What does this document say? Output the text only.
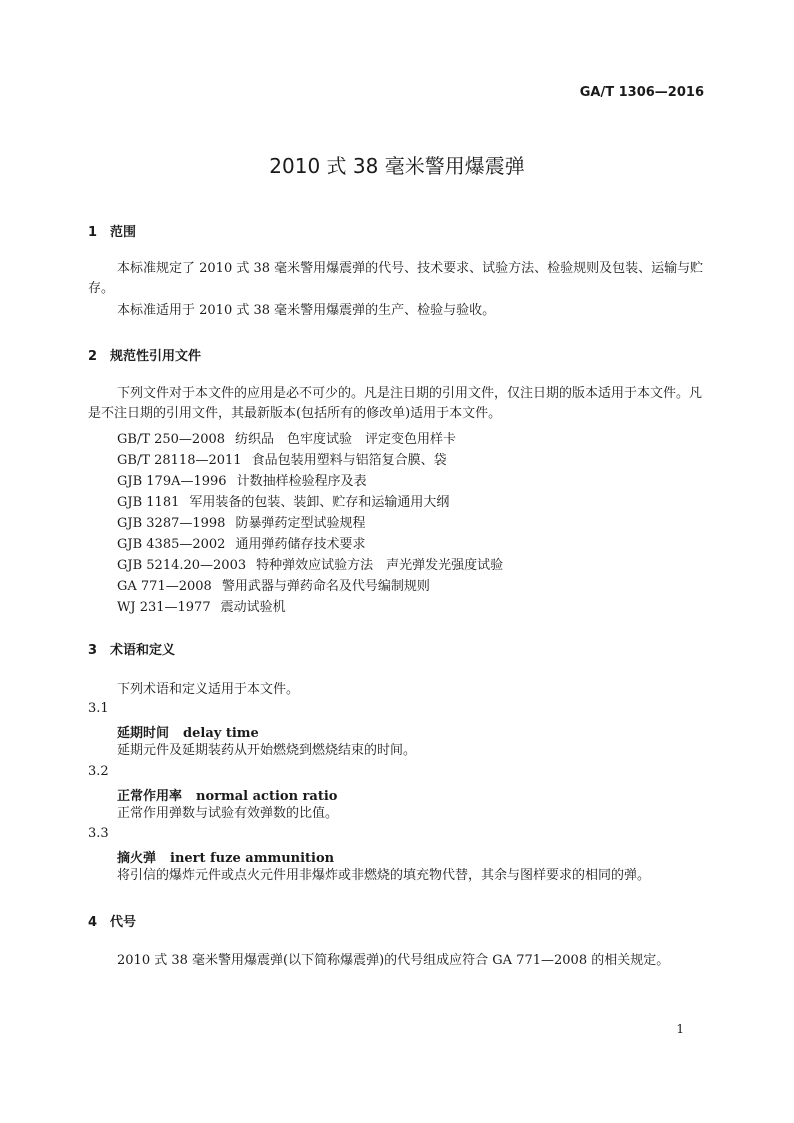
GA/T 1306—2016
2010 式 38 毫米警用爆震弹
1 范围
本标准规定了 2010 式 38 毫米警用爆震弹的代号、技术要求、试验方法、检验规则及包装、运输与贮存。
本标准适用于 2010 式 38 毫米警用爆震弹的生产、检验与验收。
2 规范性引用文件
下列文件对于本文件的应用是必不可少的。凡是注日期的引用文件，仅注日期的版本适用于本文件。凡是不注日期的引用文件，其最新版本(包括所有的修改单)适用于本文件。
GB/T 250—2008 纺织品　色牢度试验　评定变色用样卡
GB/T 28118—2011 食品包装用塑料与铝箔复合膜、袋
GJB 179A—1996 计数抽样检验程序及表
GJB 1181 军用装备的包装、装卸、贮存和运输通用大纲
GJB 3287—1998 防暴弹药定型试验规程
GJB 4385—2002 通用弹药储存技术要求
GJB 5214.20—2003 特种弹效应试验方法　声光弹发光强度试验
GA 771—2008 警用武器与弹药命名及代号编制规则
WJ 231—1977 震动试验机
3 术语和定义
下列术语和定义适用于本文件。
3.1
延期时间 delay time
延期元件及延期装药从开始燃烧到燃烧结束的时间。
3.2
正常作用率 normal action ratio
正常作用弹数与试验有效弹数的比值。
3.3
摘火弹 inert fuze ammunition
将引信的爆炸元件或点火元件用非爆炸或非燃烧的填充物代替，其余与图样要求的相同的弹。
4 代号
2010 式 38 毫米警用爆震弹(以下简称爆震弹)的代号组成应符合 GA 771—2008 的相关规定。
1
